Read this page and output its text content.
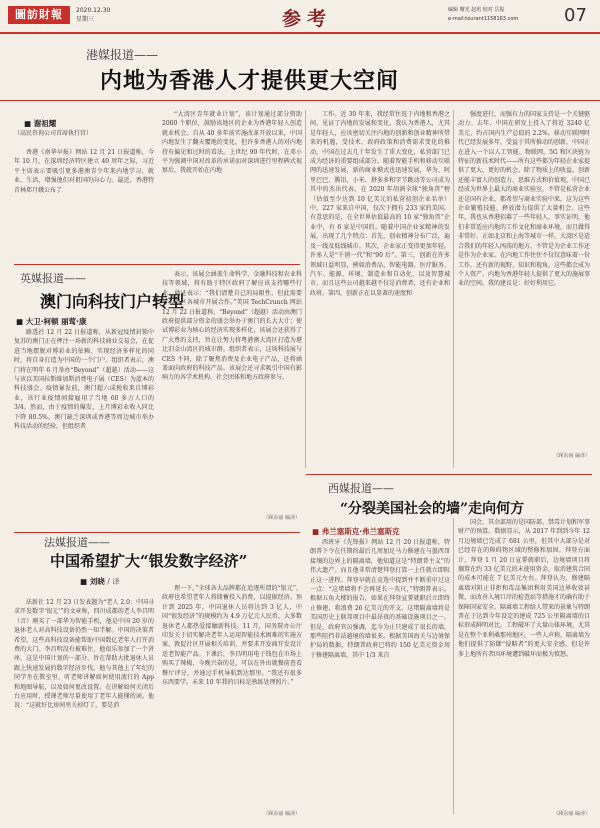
圖訪財報	2020.12.30
星期三	参考	编辑 曙光 赵培 校对 岳振
e-mail:tourant1158163.com	07
港媒报道——
内地为香港人才提供更大空间
■ 谢祖耀
（高民咨询公司首席执行官）

香港《南华早报》网站 12 月 21 日报道称，今年 10 月，在深圳经济特区建立 40 周年之际，习近平主席表示要吸引更多港澳青少年来内地学习、就业、生活，增强他们对祖国的向心力。最近，香港特首林郑月娥公布了

“大湾区青年就业计划”，该计划通过部分资助 2000 个职位，鼓励该地区的企业为香港年轻人创造就业机会。自从 40 多年前实施改革开放以来，中国内地发生了翻天覆地的变化，但许多香港人的对内地持有偏见和过时的看法。上世纪 90 年代时，在邓小平为强调中国对改革的承诺而对深圳进行里程碑式视察后，我就开始在内地

工作。近 30 年来，我经常往返于内地和香港之间，见证了内地的发展和变化。我认为香港人，尤其是年轻人，应该密切关注内地的创新和创业精神所带来的机遇，受技术、政府政策和消费需求变化的推动，中国在过去几十年发生了重大变化，私营部门已成为经济的重要组成部分。随着智能手机和移动互联网的迅速发展，新的商业模式也迅速发展，华为、阿里巴巴、腾讯、小米、拼多多和字节跳动等公司成为其中的杰出代表。在 2020 年胡润全球“独角兽”榜（估值至少达到 10 亿美元的私营初创企业名单）中，227 家来自中国，仅次于拥有 233 家的美国。有意思的是，在全世界估值最高的 10 家“独角兽”企业中，有 6 家是中国的。随着中国企业家精神的发展，出现了几个特点：首先，创业精神分布广泛，遍及一线及低线城市。其次，企业家正变得更加年轻，许多人是“千禧一代”和“90 后”。第三，创新在许多领域日益明显，例如消费品、智能电器、医疗服务、汽车、能源、环境、制造业和自动化，以及智慧城市，而且这些公司越来越不仅是消费者，还有企业和政府。第四，创新正在以显著的速度和

强度进行，而强有力的国家支持是一个关键驱动力。去年，中国在研发上投入了将近 3240 亿美元，约占国内生产总值的 2.2%。移动互联网时代已经发展多年，受益于其所推动的创新，中国正在进入一个以人工智能、物联网、5G 和区块链为特征的新技术时代——所有这些都为年轻企业家提供了更大、更好的机会。除了物质上的收益，创新还能丰富人的创造力、思维方式和价值观，中国已经成为世界上最大的商业实验室，不管是私营企业还是国有企业，都希望与商业实验中来，这为这些企业繁殖技能、释放潜力提供了大量机会。这些年，我也从香港招募了一些年轻人，事实证明，他们非常适应内地的工作文化和商业环境，而且做得非常好。正如北京和上海等城市一样，大湾区是适合我们的年轻人闯荡的地方，不管是为企业工作还是作为企业家。在内地工作往往不仅仅意味着一份工作，还有新的视野、知识和视角，这些都会成为个人资产。内地为香港年轻人提供了更大的施展事业的空间，我的建议是：好好利用它。

（顾东丽 编译）
英媒报道——
澳门向科技门户转型
■ 大卫·柯顿 丽莺·康

路透社 12 月 22 日报道称，从新冠疫情封锁中复苏的澳门正在押注一场新的科技商业交易会，在促进当地摆脱对博彩业的依赖、实现经济多样化的同时，将自身打造为中国的一个门户。组织者表示，澳门将在明年 6 月举办“Beyond”（超越）活动——这与该以美国拉斯维加斯消费电子展（CES）为蓝本的科技盛会。疫情暴发前，澳门超六成税收来自博彩业，该行业疫情间接雇用了当地 60 多万人口的 3/4。然而，由于疫情的爆发，上月博彩业收入同比下降 80.5%。澳门缺乏深圳或香港等周边城市举办科技活动的经验，但组织者

表示，该展会涵盖生命科学、金融科技和农业科技等领域，将有助于特区政府了解应该支持哪些行业。他还表示：“我们清楚自己的局限性，但此需要与大湾区各城市开展合作。”美国 TechCrunch 网站 12 月 22 日报道称，“Beyond”（超越）活动由澳门政府提供部分资金的盛会举办于澳门的长大大计；使试博彩业为核心的经济实现多样化，该展会还获得了广大粤的支持，旨在让努力将粤港澳大湾区打造为堪比旧金山湾区的城市群。组织者表示，这场科技展与 CES 不同，除了聚焦消费及企业电子产品，还将涵盖面向政府的科技产品。该展会还寻求吸引中国有影响力的各学术机构、社会团体和地方政府参与。

（顾东丽 编译）
法媒报道——
中国希望扩大“银发数字经济”
■ 刘晓 / 译

法新社 12 月 23 日发表题为“老人 2.0：中国寻求开发数字‘银元’”的文章称，四川成都的老人李昌明（音）刚买了一部华为智能手机，他是中国 20 岁的退休老人对高科技设备仍然一知半解。中国的决策者希望，这些高科技设备能帮助中国数亿老年人打开消费的大门。李昌明没有被难住，他很乐参加了一个讲座，这是中国计划的一部分，旨在帮助大批退休人员跟上快速发展的数字经济步伐。他与其他上了年纪的同学坐在教室里，听老师讲解如何使用流行的 App 和地图导航，以及如何更改设置。在讲解如何关闭后台应用时，授课老师尽量使用了老年人能懂的词。他说：“这就好比房间里关掉灯了，要是消

理一下。”全球各大品牌都在追逐所谓的“银元”，政府也希望老年人将储蓄投入消费，以提振经济。预计到 2025 年，中国退休人员将达到 3 亿人，中国“银发经济”的规模约为 4.9 万亿元人民币，大多数退休老人都热爱接触新科技。11 月，国务院办公厅印发关于切实解决老年人运用智能技术困难的实施方案，敦促社区开展相关培训，并要求开发商开发设计适老智能产品。下课后，李昌明用电子钱包在市场上购买了辣椒，今晚兴奋的是，可以在外出就餐前查看餐厅评分，并通过手机导航到达那里。“我还有很多东西要学。未来 10 年我的目标是熟练处理照片。”

（顾东丽 编译）
西媒报道——
“分裂美国社会的墙”走向何方
■ 弗兰塞斯克·弗兰塞斯克

西班牙《先锋报》网站 12 月 20 日报道称，特朗普下令在任期的最后几周加足马力修建在与墨西哥接壤的边界上的隔离墙，他知道这是“特朗普主义”的伟大遗产。而且他非常清楚拜登打算一上任就立即阻止这一进程。拜登早就在竞选中提到并不断重申过这一点：“这堵墙将不会再延长一英尺，”特朗普表示。根据五角大楼的报告，如果在拜登宣誓就职后立即终止修建，将浪费 26 亿美元的开支。这堵隔离墙将是美国历史上联邦项目中最昂贵的基础设施项目之一。但是，政府官员强调，迄今为止只建成了很长的墙，那些阻挡非法越境的墙很多。根据美国海关与边境保护局的数据，特朗普政府已将约 150 亿美元资金用于修建隔离墙，其中 1/3 来自

国会，其余部用的是国防部、禁毒计划和军事财产的预算。数据显示，从 2017 年到到今年 12 月边境墙已完成了 681 公里，但其中大部分是对已经存在的障碍物区域的整修和加固。拜登方面计，拜登 1 月 20 日宣誓就职后，边境墙项目将搁置在约 33 亿美元的未使用资金，取消建筑合同的成本可能在 7 亿美元左右。拜登认为，修建隔离墙对阻止非拒和毒品集团利用美国边界收效甚微，而改善入境口岸的检查站等措施才的确有助于保障国家安全。隔离墙工程给人带来的景象与特朗普在于达到今年设定的建成 725 公里隔离墙的目标形成鲜明对比。工程破坏了大量山体环境，尤其是在整个亚利桑那州地区。一些人声称，隔离墙为他们提供了防御“侵略者”的更大安全感，但是许多上地所有者因环境遭到破坏而极为愤怒。

（顾东丽 编译）
